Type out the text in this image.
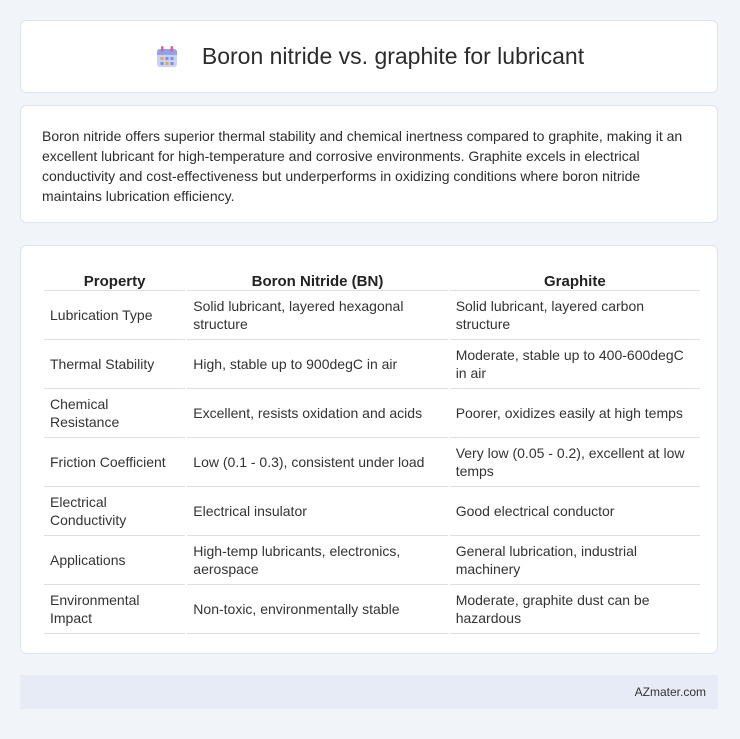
Boron nitride vs. graphite for lubricant
Boron nitride offers superior thermal stability and chemical inertness compared to graphite, making it an excellent lubricant for high-temperature and corrosive environments. Graphite excels in electrical conductivity and cost-effectiveness but underperforms in oxidizing conditions where boron nitride maintains lubrication efficiency.
Property	Boron Nitride (BN)	Graphite
Lubrication Type	Solid lubricant, layered hexagonal structure	Solid lubricant, layered carbon structure
Thermal Stability	High, stable up to 900degC in air	Moderate, stable up to 400-600degC in air
Chemical Resistance	Excellent, resists oxidation and acids	Poorer, oxidizes easily at high temps
Friction Coefficient	Low (0.1 - 0.3), consistent under load	Very low (0.05 - 0.2), excellent at low temps
Electrical Conductivity	Electrical insulator	Good electrical conductor
Applications	High-temp lubricants, electronics, aerospace	General lubrication, industrial machinery
Environmental Impact	Non-toxic, environmentally stable	Moderate, graphite dust can be hazardous
AZmater.com
